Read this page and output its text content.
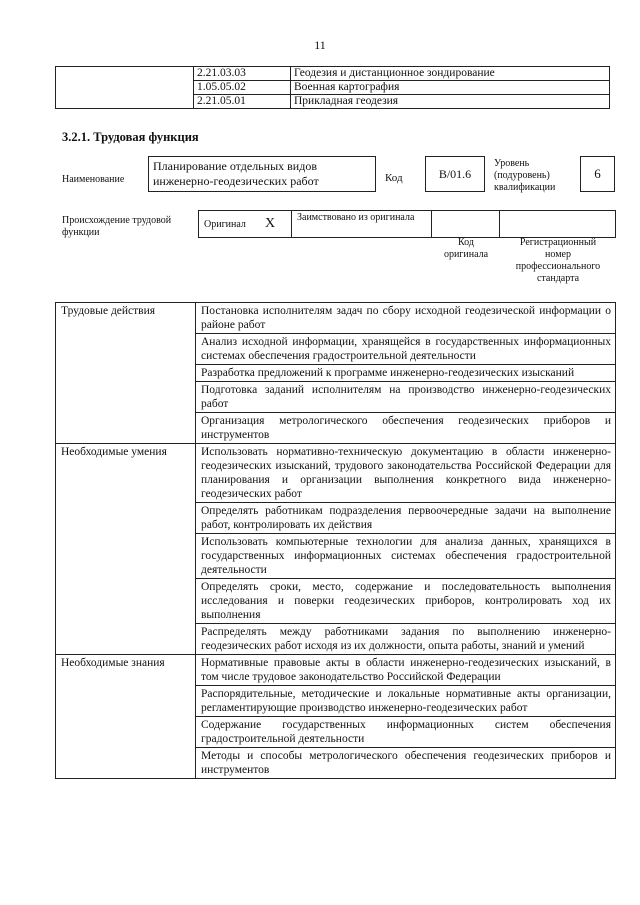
11
	2.21.03.03	Геодезия и дистанционное зондирование
	1.05.05.02	Военная картография
	2.21.05.01	Прикладная геодезия
3.2.1. Трудовая функция
Наименование
Планирование отдельных видов инженерно-геодезических работ	Код	B/01.6
Уровень (подуровень) квалификации
6
Происхождение трудовой функции
Оригинал X Заимствовано из оригинала
Код оригинала
Регистрационный номер профессионального стандарта
Трудовые действия	Постановка исполнителям задач по сбору исходной геодезической информации о районе работ
	Анализ исходной информации, хранящейся в государственных информационных системах обеспечения градостроительной деятельности
	Разработка предложений к программе инженерно-геодезических изысканий
	Подготовка заданий исполнителям на производство инженерно-геодезических работ
	Организация метрологического обеспечения геодезических приборов и инструментов
Необходимые умения	Использовать нормативно-техническую документацию в области инженерно-геодезических изысканий, трудового законодательства Российской Федерации для планирования и организации выполнения конкретного вида инженерно-геодезических работ
	Определять работникам подразделения первоочередные задачи на выполнение работ, контролировать их действия
	Использовать компьютерные технологии для анализа данных, хранящихся в государственных информационных системах обеспечения градостроительной деятельности
	Определять сроки, место, содержание и последовательность выполнения исследования и поверки геодезических приборов, контролировать ход их выполнения
	Распределять между работниками задания по выполнению инженерно-геодезических работ исходя из их должности, опыта работы, знаний и умений
Необходимые знания	Нормативные правовые акты в области инженерно-геодезических изысканий, в том числе трудовое законодательство Российской Федерации
	Распорядительные, методические и локальные нормативные акты организации, регламентирующие производство инженерно-геодезических работ
	Содержание государственных информационных систем обеспечения градостроительной деятельности
	Методы и способы метрологического обеспечения геодезических приборов и инструментов
